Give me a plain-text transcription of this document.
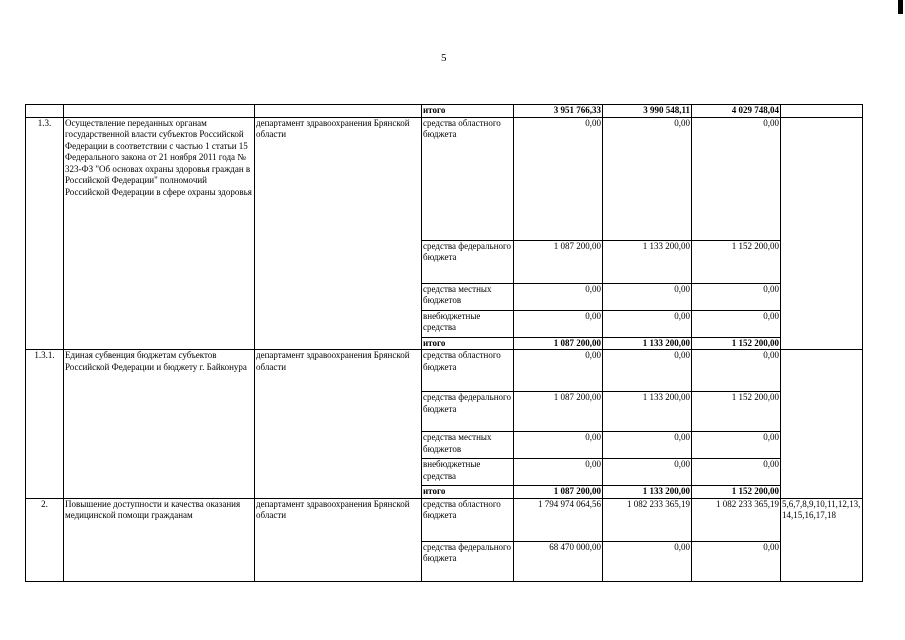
5
			итого	3 951 766,33	3 990 548,11	4 029 748,04	
1.3.	Осуществление переданных органам государственной власти субъектов Российской Федерации в соответствии с частью 1 статьи 15 Федерального закона от 21 ноября 2011 года № 323-ФЗ "Об основах охраны здоровья граждан в Российской Федерации" полномочий Российской Федерации в сфере охраны здоровья	департамент здравоохранения Брянской области	средства областного бюджета	0,00	0,00	0,00	
			средства федерального бюджета	1 087 200,00	1 133 200,00	1 152 200,00	
			средства местных бюджетов	0,00	0,00	0,00	
			внебюджетные средства	0,00	0,00	0,00	
			итого	1 087 200,00	1 133 200,00	1 152 200,00	
1.3.1.	Единая субвенция бюджетам субъектов Российской Федерации и бюджету г. Байконура	департамент здравоохранения Брянской области	средства областного бюджета	0,00	0,00	0,00	
			средства федерального бюджета	1 087 200,00	1 133 200,00	1 152 200,00	
			средства местных бюджетов	0,00	0,00	0,00	
			внебюджетные средства	0,00	0,00	0,00	
			итого	1 087 200,00	1 133 200,00	1 152 200,00	
2.	Повышение доступности и качества оказания медицинской помощи гражданам	департамент здравоохранения Брянской области	средства областного бюджета	1 794 974 064,56	1 082 233 365,19	1 082 233 365,19	5,6,7,8,9,10,11,12,13,14,15,16,17,18
			средства федерального бюджета	68 470 000,00	0,00	0,00	
